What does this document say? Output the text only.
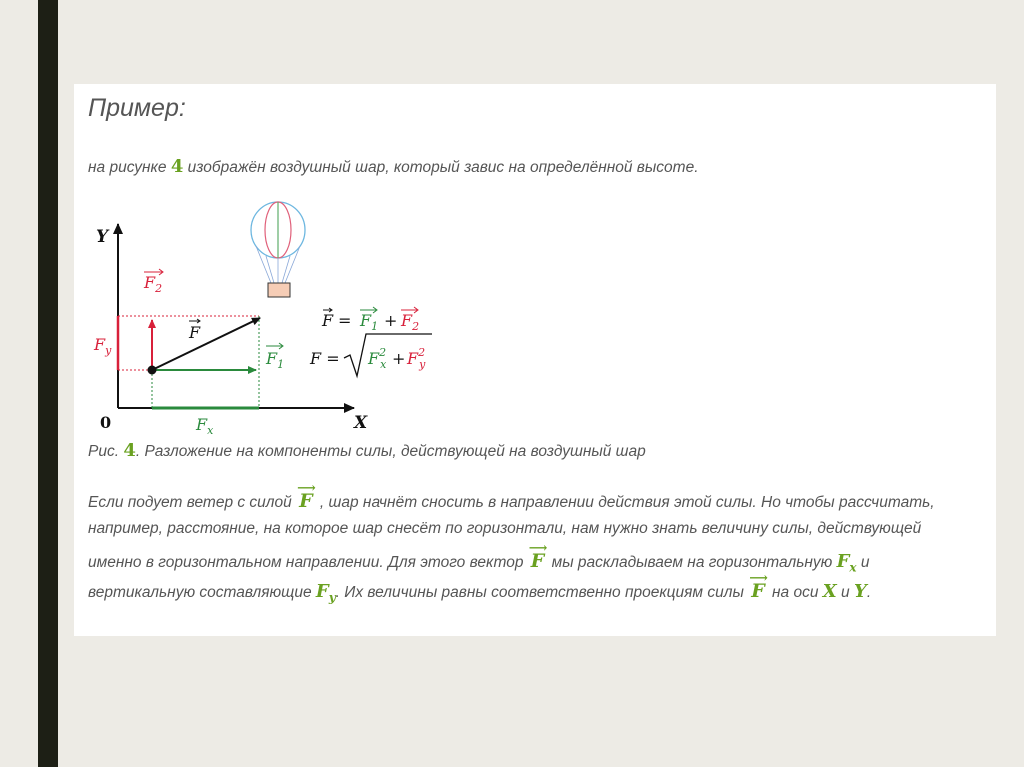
Пример:

на рисунке 4 изображён воздушный шар, который завис на определённой высоте.

Y
X
0
$F_y$
$F_x$
$F_2$
F
$F_1$
$F = F_1 + F_2$
$F = F^2$ $x + F^2$ y

Рис. 4. Разложение на компоненты силы, действующей на воздушный шар

Если подует ветер с силой
⟶
F , шар начнёт сносить в направлении действия этой силы. Но чтобы рассчитать,

например, расстояние, на которое шар снесёт по горизонтали, нам нужно знать величину силы, действующей

именно в горизонтальном направлении. Для этого вектор
⟶
F мы раскладываем на горизонтальную $F_x$ и

вертикальную составляющие $F_y$. Их величины равны соответственно проекциям силы
⟶
F на оси X и Y.
